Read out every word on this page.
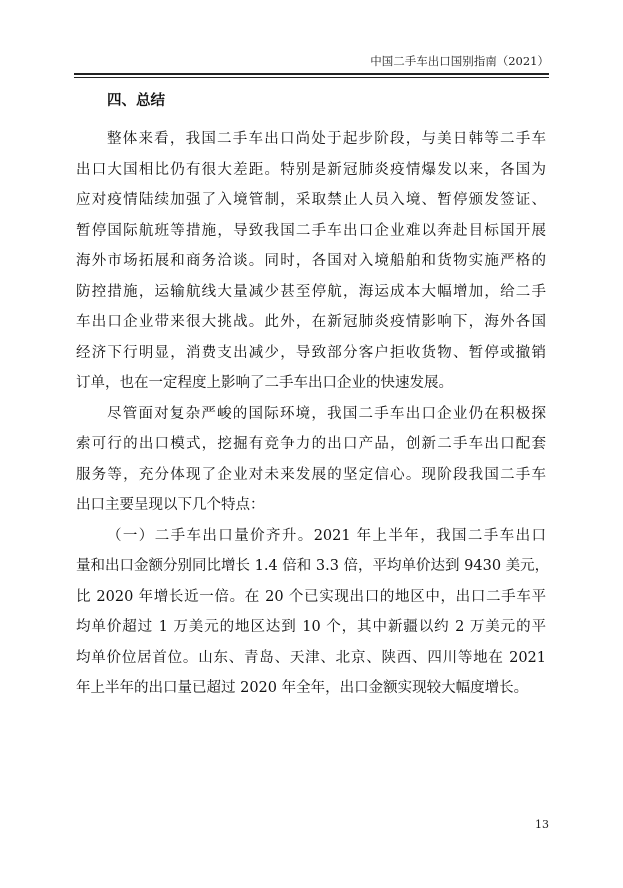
中国二手车出口国别指南（2021）
四、总结
整体来看，我国二手车出口尚处于起步阶段，与美日韩等二手车
出口大国相比仍有很大差距。特别是新冠肺炎疫情爆发以来，各国为
应对疫情陆续加强了入境管制，采取禁止人员入境、暂停颁发签证、
暂停国际航班等措施，导致我国二手车出口企业难以奔赴目标国开展
海外市场拓展和商务洽谈。同时，各国对入境船舶和货物实施严格的
防控措施，运输航线大量减少甚至停航，海运成本大幅增加，给二手
车出口企业带来很大挑战。此外，在新冠肺炎疫情影响下，海外各国
经济下行明显，消费支出减少，导致部分客户拒收货物、暂停或撤销
订单，也在一定程度上影响了二手车出口企业的快速发展。
尽管面对复杂严峻的国际环境，我国二手车出口企业仍在积极探
索可行的出口模式，挖掘有竞争力的出口产品，创新二手车出口配套
服务等，充分体现了企业对未来发展的坚定信心。现阶段我国二手车
出口主要呈现以下几个特点：
（一）二手车出口量价齐升。2021 年上半年，我国二手车出口
量和出口金额分别同比增长 1.4 倍和 3.3 倍，平均单价达到 9430 美元，
比 2020 年增长近一倍。在 20 个已实现出口的地区中，出口二手车平
均单价超过 1 万美元的地区达到 10 个，其中新疆以约 2 万美元的平
均单价位居首位。山东、青岛、天津、北京、陕西、四川等地在 2021
年上半年的出口量已超过 2020 年全年，出口金额实现较大幅度增长。
13
